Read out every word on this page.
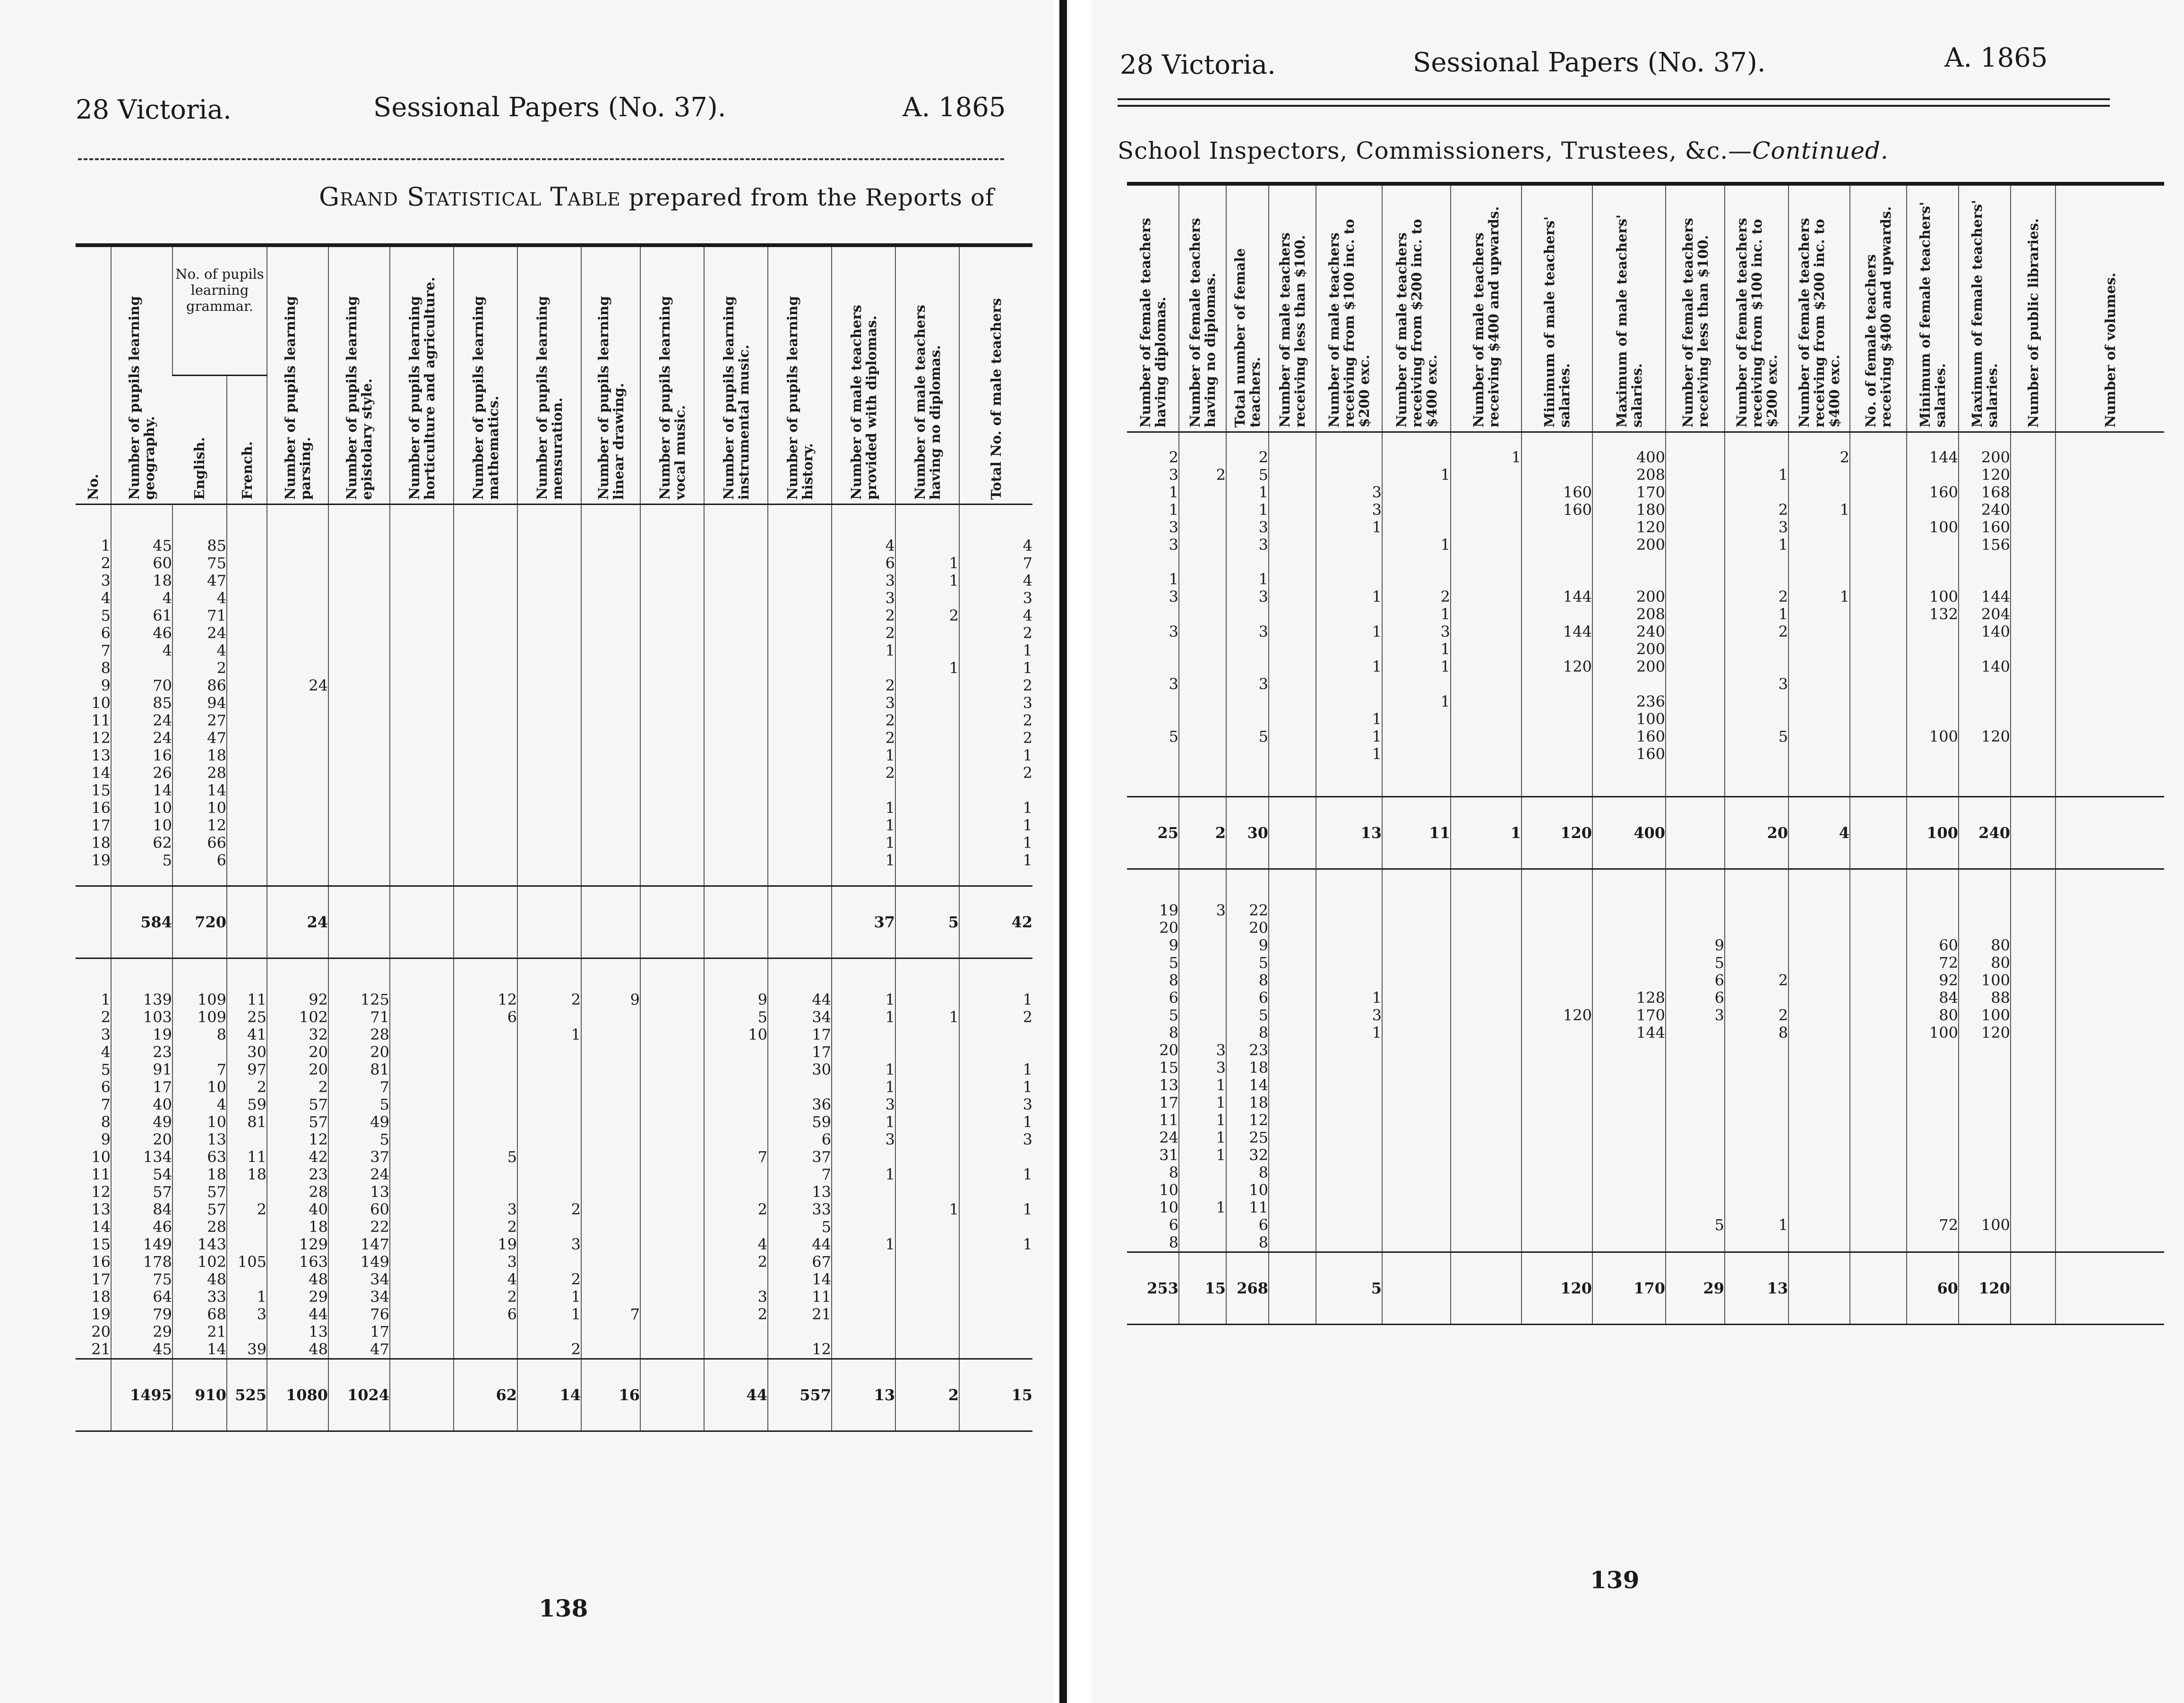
28 Victoria.	Sessional Papers (No. 37).	A. 1865
Grand Statistical Table prepared from the Reports of
No.	Number of pupils learning geography.	No. of pupils learning grammar.		Number of pupils learning parsing.	Number of pupils learning epistolary style.	Number of pupils learning horticulture and agriculture.	Number of pupils learning mathematics.	Number of pupils learning mensuration.	Number of pupils learning linear drawing.	Number of pupils learning vocal music.	Number of pupils learning instrumental music.	Number of pupils learning history.	Number of male teachers provided with diplomas.	Number of male teachers having no diplomas.	Total No. of male teachers
		English.	French.												

1	45	85											4		4
2	60	75											6	1	7
3	18	47											3	1	4
4	4	4											3		3
5	61	71											2	2	4
6	46	24											2		2
7	4	4											1		1
8		2												1	1
9	70	86		24									2		2
10	85	94											3		3
11	24	27											2		2
12	24	47											2		2
13	16	18											1		1
14	26	28											2		2
15	14	14													
16	10	10											1		1
17	10	12											1		1
18	62	66											1		1
19	5	6											1		1

	584	720		24									37	5	42

1	139	109	11	92	125		12	2	9		9	44	1		1
2	103	109	25	102	71		6				5	34	1	1	2
3	19	8	41	32	28			1			10	17			
4	23		30	20	20							17			
5	91	7	97	20	81							30	1		1
6	17	10	2	2	7								1		1
7	40	4	59	57	5							36	3		3
8	49	10	81	57	49							59	1		1
9	20	13		12	5							6	3		3
10	134	63	11	42	37		5				7	37			
11	54	18	18	23	24							7	1		1
12	57	57		28	13							13			
13	84	57	2	40	60		3	2			2	33		1	1
14	46	28		18	22		2					5			
15	149	143		129	147		19	3			4	44	1		1
16	178	102	105	163	149		3				2	67			
17	75	48		48	34		4	2				14			
18	64	33	1	29	34		2	1			3	11			
19	79	68	3	44	76		6	1	7		2	21			
20	29	21		13	17										
21	45	14	39	48	47			2				12			
	1495	910	525	1080	1024		62	14	16		44	557	13	2	15
138
28 Victoria.	Sessional Papers (No. 37).	A. 1865
School Inspectors, Commissioners, Trustees, &c.—Continued.
Number of female teachers having diplomas.	Number of female teachers having no diplomas.	Total number of female teachers.	Number of male teachers receiving less than $100.	Number of male teachers receiving from $100 inc. to $200 exc.	Number of male teachers receiving from $200 inc. to $400 exc.	Number of male teachers receiving $400 and upwards.	Minimum of male teachers' salaries.	Maximum of male teachers' salaries.	Number of female teachers receiving less than $100.	Number of female teachers receiving from $100 inc. to $200 exc.	Number of female teachers receiving from $200 inc. to $400 exc.	No. of female teachers receiving $400 and upwards.	Minimum of female teachers' salaries.	Maximum of female teachers' salaries.	Number of public libraries.	Number of volumes.

2		2				1		400			2		144	200		
3	2	5			1			208		1				120		
1		1		3			160	170					160	168		
1		1		3			160	180		2	1			240		
3		3		1				120		3			100	160		
3		3			1			200		1				156		

1		1														
3		3		1	2		144	200		2	1		100	144		
					1			208		1			132	204		
3		3		1	3		144	240		2				140		
					1			200								
				1	1		120	200						140		
3		3								3						
					1			236								
				1				100								
5		5		1				160		5			100	120		
				1				160								

25	2	30		13	11	1	120	400		20	4		100	240		

19	3	22														
20		20														
9		9							9				60	80		
5		5							5				72	80		
8		8							6	2			92	100		
6		6		1				128	6				84	88		
5		5		3			120	170	3	2			80	100		
8		8		1				144		8			100	120		
20	3	23														
15	3	18														
13	1	14														
17	1	18														
11	1	12														
24	1	25														
31	1	32														
8		8														
10		10														
10	1	11														
6		6							5	1			72	100		
8		8														
253	15	268		5			120	170	29	13			60	120		
139
